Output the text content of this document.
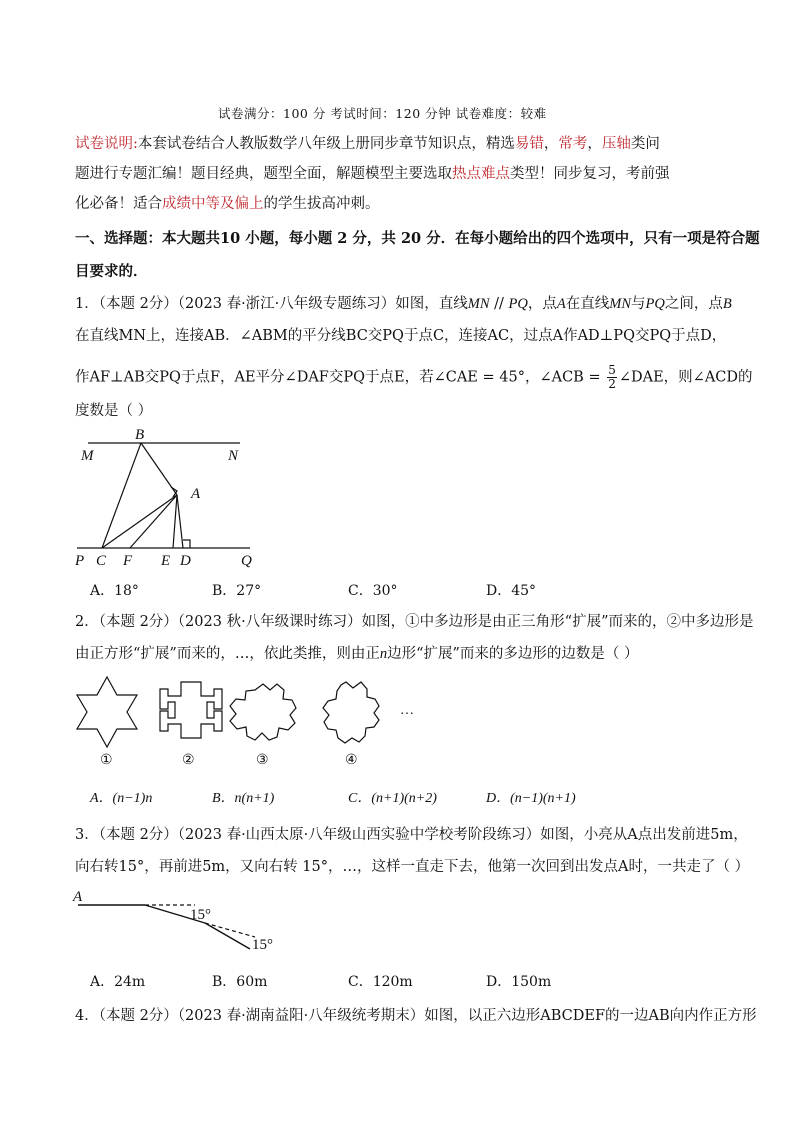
试卷满分：100 分 考试时间：120 分钟 试卷难度：较难
试卷说明:本套试卷结合人教版数学八年级上册同步章节知识点，精选易错，常考，压轴类问
题进行专题汇编！题目经典，题型全面，解题模型主要选取热点难点类型！同步复习，考前强
化必备！适合成绩中等及偏上的学生拔高冲刺。
一、选择题：本大题共10 小题，每小题 2 分，共 20 分．在每小题给出的四个选项中，只有一项是符合题
目要求的．
1．（本题 2分）（2023 春·浙江·八年级专题练习）如图，直线MN // PQ，点A在直线MN与PQ之间，点B
在直线MN上，连接AB．∠ABM的平分线BC交PQ于点C，连接AC，过点A作AD⊥PQ交PQ于点D，
作AF⊥AB交PQ于点F，AE平分∠DAF交PQ于点E，若∠CAE = 45°，∠ACB = $\frac{5}{2}$ ∠DAE，则∠ACD的
度数是（ ）
B
M	N
A
P C F E D	Q
A．18°	B．27°	C．30°	D．45°
2．（本题 2分）（2023 秋·八年级课时练习）如图，①中多边形是由正三角形“扩展”而来的，②中多边形是
由正方形“扩展”而来的，…，依此类推，则由正n边形“扩展”而来的多边形的边数是（ ）
①	②	③	④
…
A．(n−1)n	B．n(n+1)	C．(n+1)(n+2)	D．(n−1)(n+1)
3．（本题 2分）（2023 春·山西太原·八年级山西实验中学校考阶段练习）如图，小亮从A点出发前进5m，
向右转15°，再前进5m，又向右转 15°，…，这样一直走下去，他第一次回到出发点A时，一共走了（ ）
A
15°
15°
A．24m	B．60m	C．120m	D．150m
4．（本题 2分）（2023 春·湖南益阳·八年级统考期末）如图，以正六边形ABCDEF的一边AB向内作正方形
